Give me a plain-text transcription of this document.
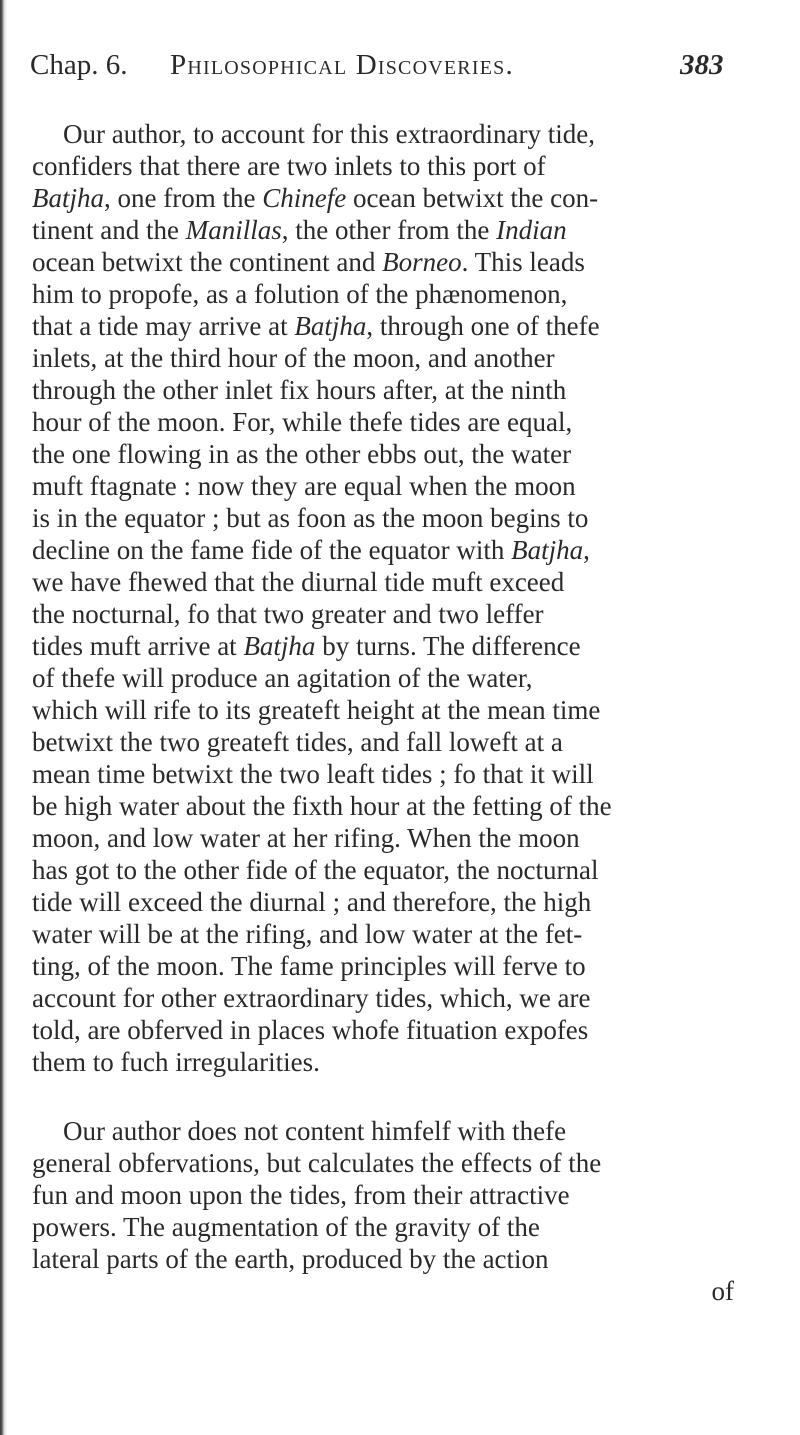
Chap. 6. Philosophical Discoveries.	383
Our author, to account for this extraordinary tide,
confiders that there are two inlets to this port of
Batjha, one from the Chinefe ocean betwixt the con-
tinent and the Manillas, the other from the Indian
ocean betwixt the continent and Borneo. This leads
him to propofe, as a folution of the phænomenon,
that a tide may arrive at Batjha, through one of thefe
inlets, at the third hour of the moon, and another
through the other inlet fix hours after, at the ninth
hour of the moon. For, while thefe tides are equal,
the one flowing in as the other ebbs out, the water
muft ftagnate : now they are equal when the moon
is in the equator ; but as foon as the moon begins to
decline on the fame fide of the equator with Batjha,
we have fhewed that the diurnal tide muft exceed
the nocturnal, fo that two greater and two leffer
tides muft arrive at Batjha by turns. The difference
of thefe will produce an agitation of the water,
which will rife to its greateft height at the mean time
betwixt the two greateft tides, and fall loweft at a
mean time betwixt the two leaft tides ; fo that it will
be high water about the fixth hour at the fetting of the
moon, and low water at her rifing. When the moon
has got to the other fide of the equator, the nocturnal
tide will exceed the diurnal ; and therefore, the high
water will be at the rifing, and low water at the fet-
ting, of the moon. The fame principles will ferve to
account for other extraordinary tides, which, we are
told, are obferved in places whofe fituation expofes
them to fuch irregularities.
Our author does not content himfelf with thefe
general obfervations, but calculates the effects of the
fun and moon upon the tides, from their attractive
powers. The augmentation of the gravity of the
lateral parts of the earth, produced by the action
of
